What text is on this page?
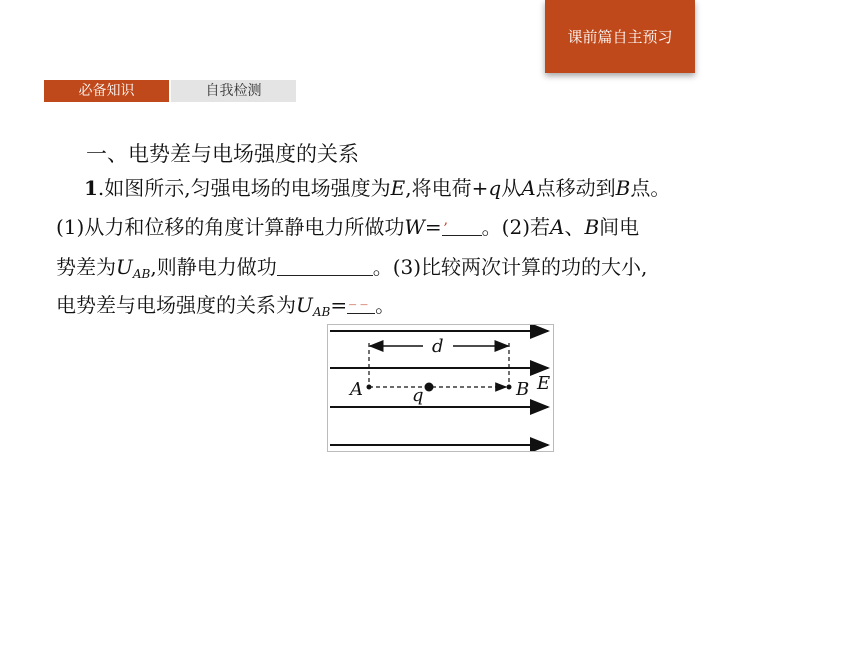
课前篇自主预习
必备知识	自我检测
一、电势差与电场强度的关系
1.如图所示,匀强电场的电场强度为E,将电荷+q从A点移动到B点。
(1)从力和位移的角度计算静电力所做功W= , 。(2)若A、B间电
势差为$U_{AB}$,则静电力做功	。(3)比较两次计算的功的大小,
电势差与电场强度的关系为$U_{AB}=$ _ _ 。
d
A	q	B E
